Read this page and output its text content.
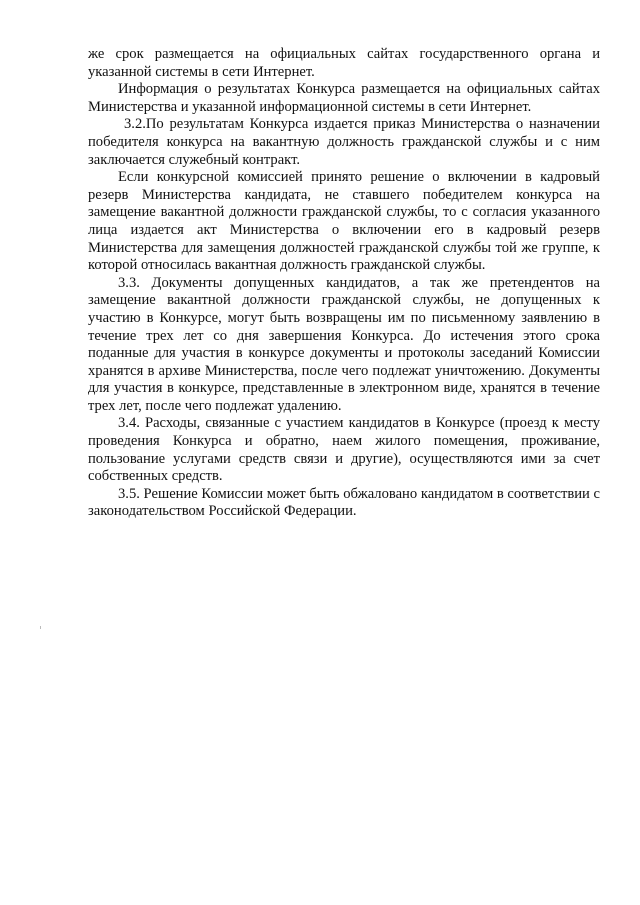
же срок размещается на официальных сайтах государственного органа и указанной системы в сети Интернет.

Информация о результатах Конкурса размещается на официальных сайтах Министерства и указанной информационной системы в сети Интернет.

3.2.По результатам Конкурса издается приказ Министерства о назначении победителя конкурса на вакантную должность гражданской службы и с ним заключается служебный контракт.

Если конкурсной комиссией принято решение о включении в кадровый резерв Министерства кандидата, не ставшего победителем конкурса на замещение вакантной должности гражданской службы, то с согласия указанного лица издается акт Министерства о включении его в кадровый резерв Министерства для замещения должностей гражданской службы той же группе, к которой относилась вакантная должность гражданской службы.

3.3. Документы допущенных кандидатов, а так же претендентов на замещение вакантной должности гражданской службы, не допущенных к участию в Конкурсе, могут быть возвращены им по письменному заявлению в течение трех лет со дня завершения Конкурса. До истечения этого срока поданные для участия в конкурсе документы и протоколы заседаний Комиссии хранятся в архиве Министерства, после чего подлежат уничтожению. Документы для участия в конкурсе, представленные в электронном виде, хранятся в течение трех лет, после чего подлежат удалению.

3.4. Расходы, связанные с участием кандидатов в Конкурсе (проезд к месту проведения Конкурса и обратно, наем жилого помещения, проживание, пользование услугами средств связи и другие), осуществляются ими за счет собственных средств.

3.5. Решение Комиссии может быть обжаловано кандидатом в соответствии с законодательством Российской Федерации.
